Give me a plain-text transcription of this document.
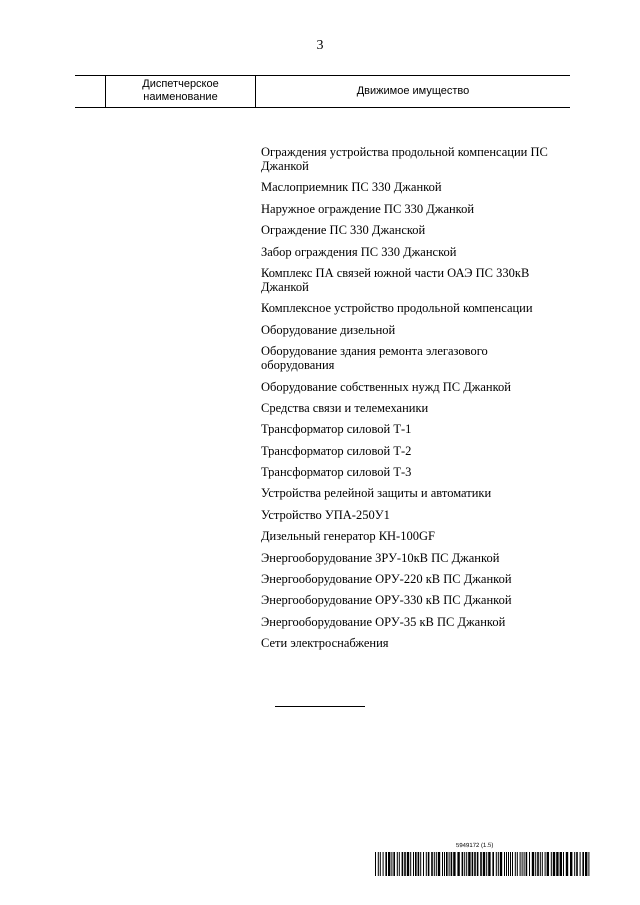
3
Диспетчерское наименование	Движимое имущество
Ограждения устройства продольной компенсации ПС Джанкой
Маслоприемник ПС 330 Джанкой
Наружное ограждение ПС 330 Джанкой
Ограждение ПС 330 Джанской
Забор ограждения ПС 330 Джанской
Комплекс ПА связей южной части ОАЭ ПС 330кВ Джанкой
Комплексное устройство продольной компенсации
Оборудование дизельной
Оборудование здания ремонта элегазового оборудования
Оборудование собственных нужд ПС Джанкой
Средства связи и телемеханики
Трансформатор силовой Т-1
Трансформатор силовой Т-2
Трансформатор силовой Т-3
Устройства релейной защиты и автоматики
Устройство УПА-250У1
Дизельный генератор КН-100GF
Энергооборудование ЗРУ-10кВ ПС Джанкой
Энергооборудование ОРУ-220 кВ ПС Джанкой
Энергооборудование ОРУ-330 кВ ПС Джанкой
Энергооборудование ОРУ-35 кВ ПС Джанкой
Сети электроснабжения
5949172 (1.5)
